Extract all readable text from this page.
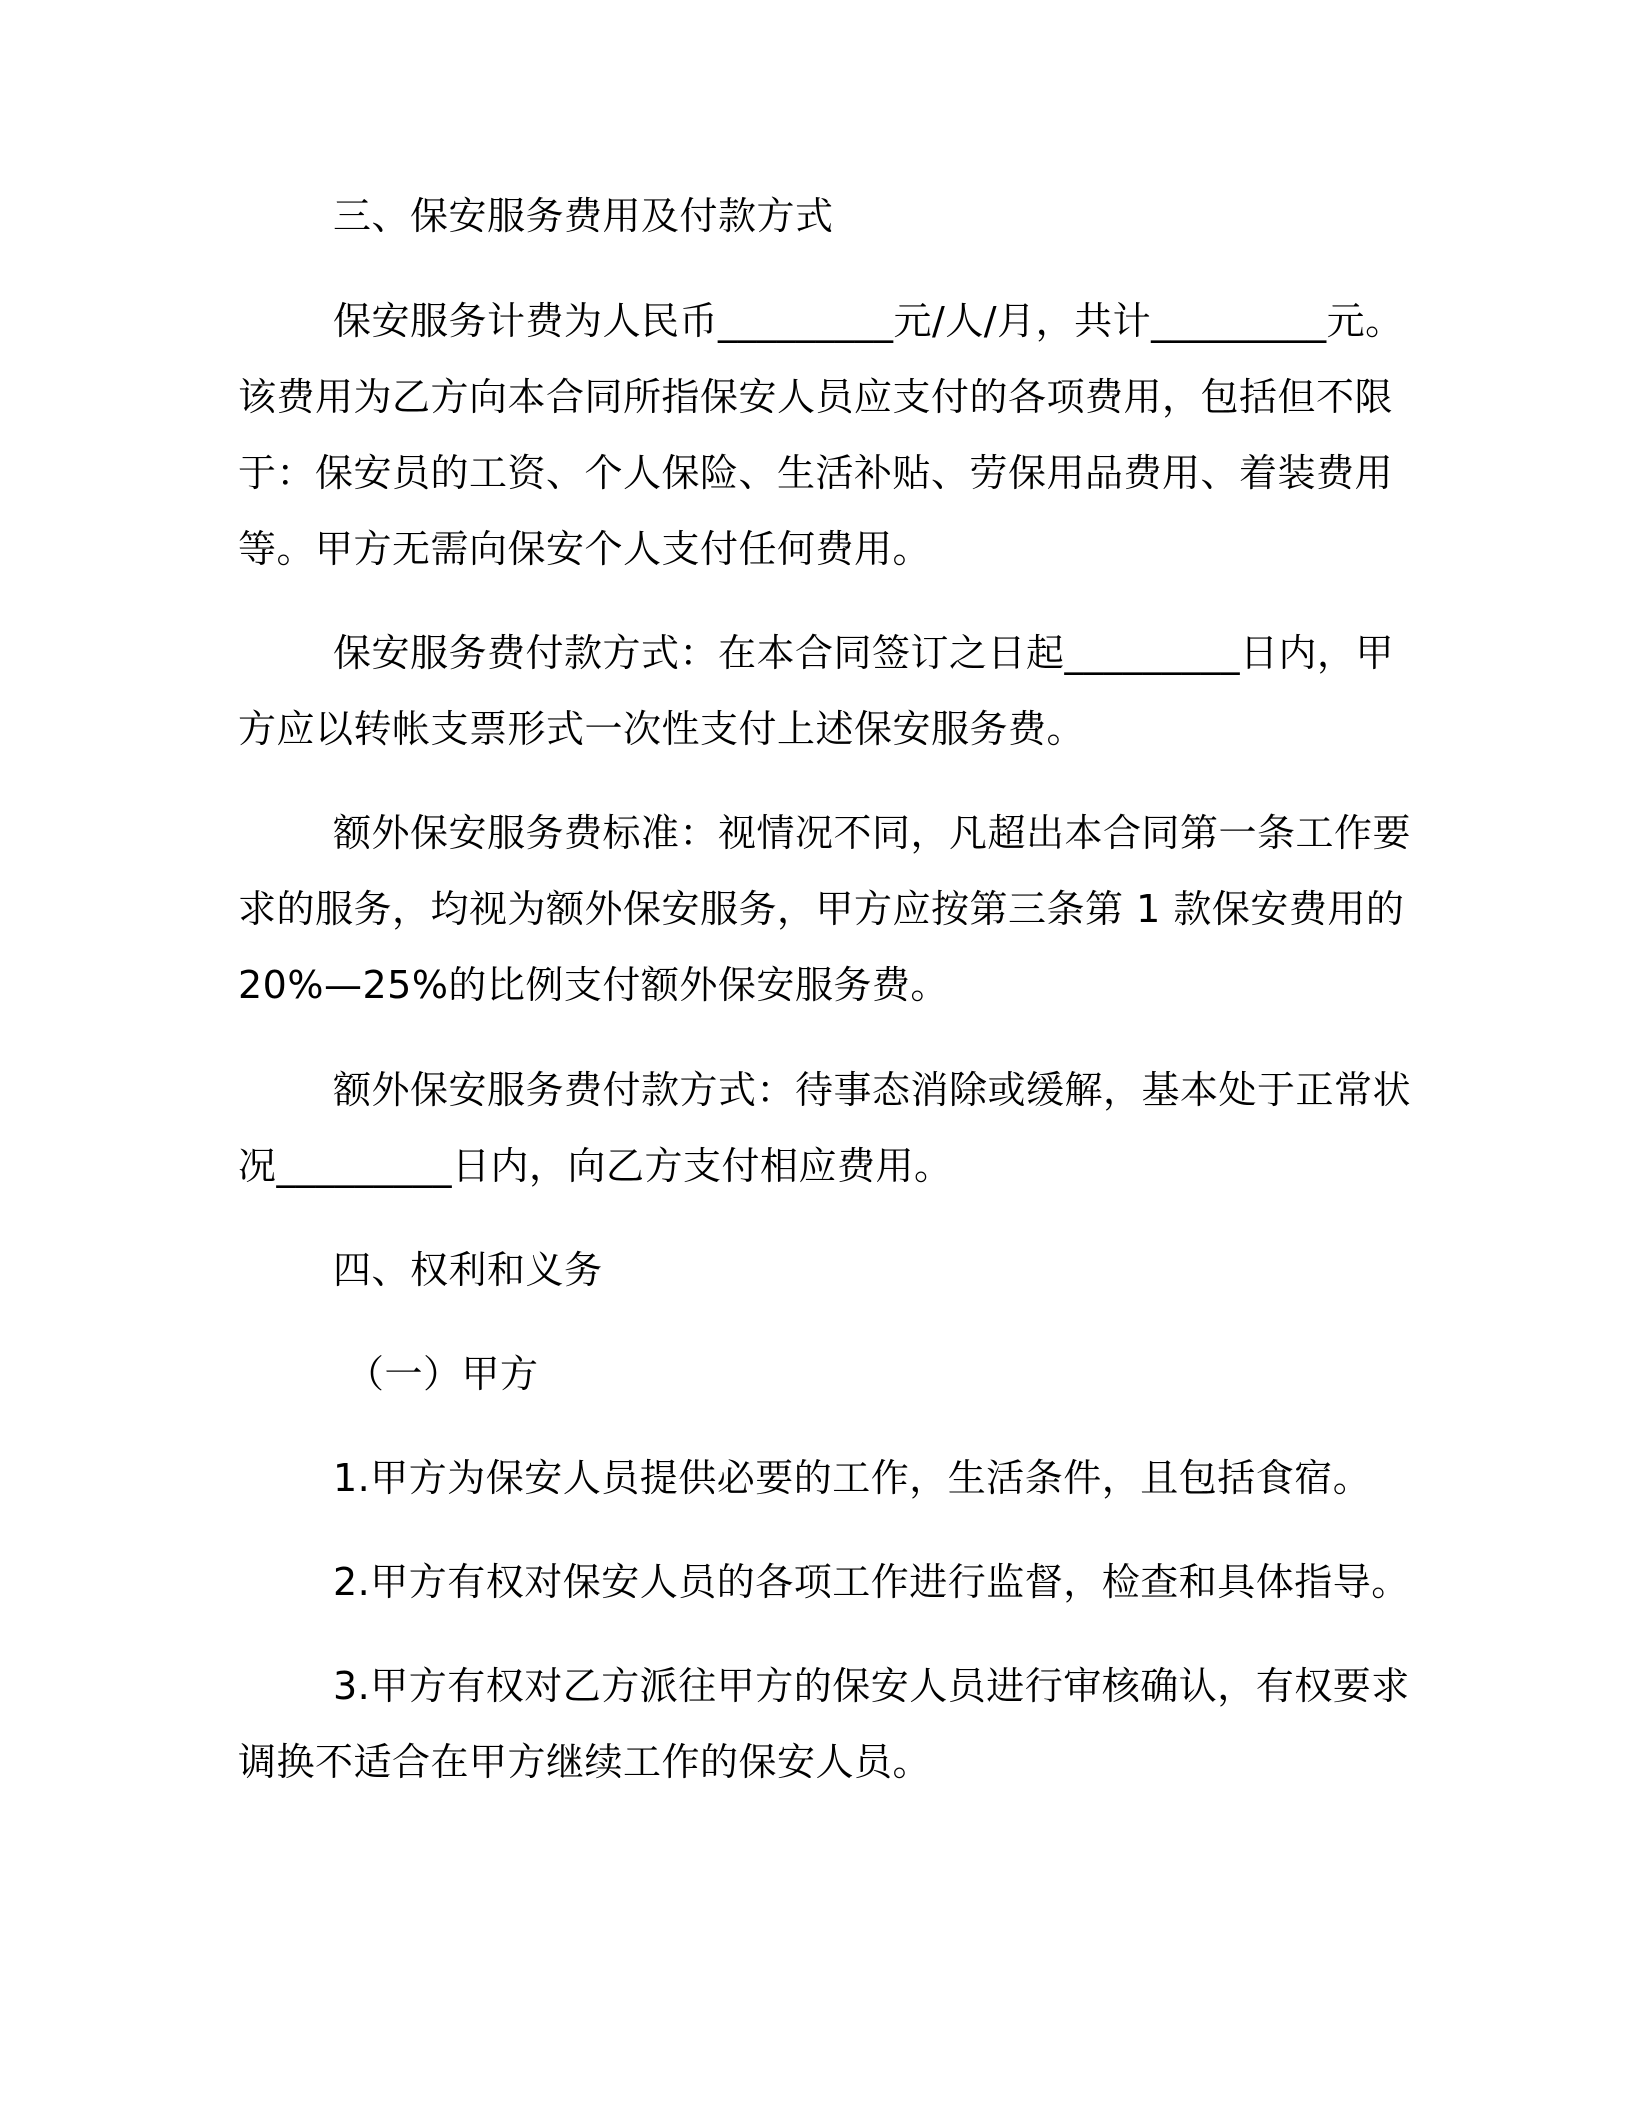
三、保安服务费用及付款方式
保安服务计费为人民币_________元/人/月，共计_________元。
该费用为乙方向本合同所指保安人员应支付的各项费用，包括但不限
于：保安员的工资、个人保险、生活补贴、劳保用品费用、着装费用
等。甲方无需向保安个人支付任何费用。
保安服务费付款方式：在本合同签订之日起_________日内，甲
方应以转帐支票形式一次性支付上述保安服务费。
额外保安服务费标准：视情况不同，凡超出本合同第一条工作要
求的服务，均视为额外保安服务，甲方应按第三条第 1 款保安费用的
20%—25%的比例支付额外保安服务费。
额外保安服务费付款方式：待事态消除或缓解，基本处于正常状
况_________日内，向乙方支付相应费用。
四、权利和义务
（一）甲方
1.甲方为保安人员提供必要的工作，生活条件，且包括食宿。
2.甲方有权对保安人员的各项工作进行监督，检查和具体指导。
3.甲方有权对乙方派往甲方的保安人员进行审核确认，有权要求
调换不适合在甲方继续工作的保安人员。
